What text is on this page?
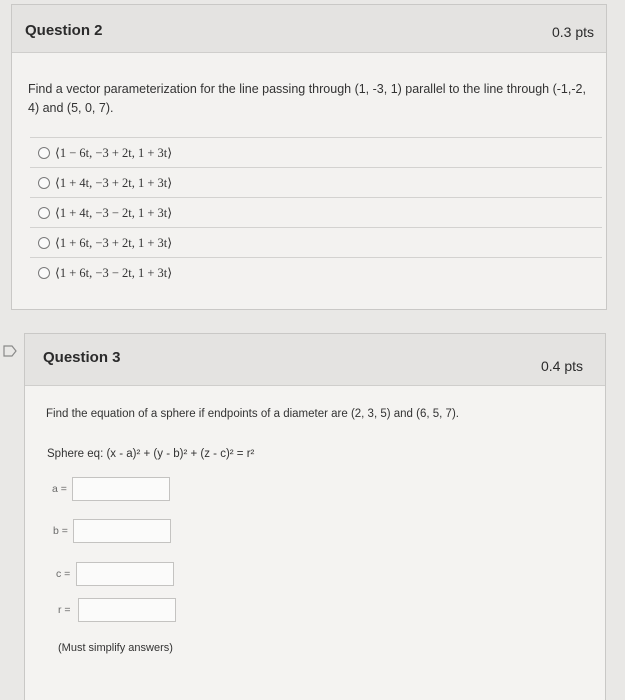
Question 2	0.3 pts
Find a vector parameterization for the line passing through (1, -3, 1) parallel to the line through (-1,-2, 4) and (5, 0, 7).
⟨1 − 6t, −3 + 2t, 1 + 3t⟩
⟨1 + 4t, −3 + 2t, 1 + 3t⟩
⟨1 + 4t, −3 − 2t, 1 + 3t⟩
⟨1 + 6t, −3 + 2t, 1 + 3t⟩
⟨1 + 6t, −3 − 2t, 1 + 3t⟩
Question 3	0.4 pts
Find the equation of a sphere if endpoints of a diameter are (2, 3, 5) and (6, 5, 7).
Sphere eq: (x - a)² + (y - b)² + (z - c)² = r²
a =
b =
c =
r =
(Must simplify answers)
